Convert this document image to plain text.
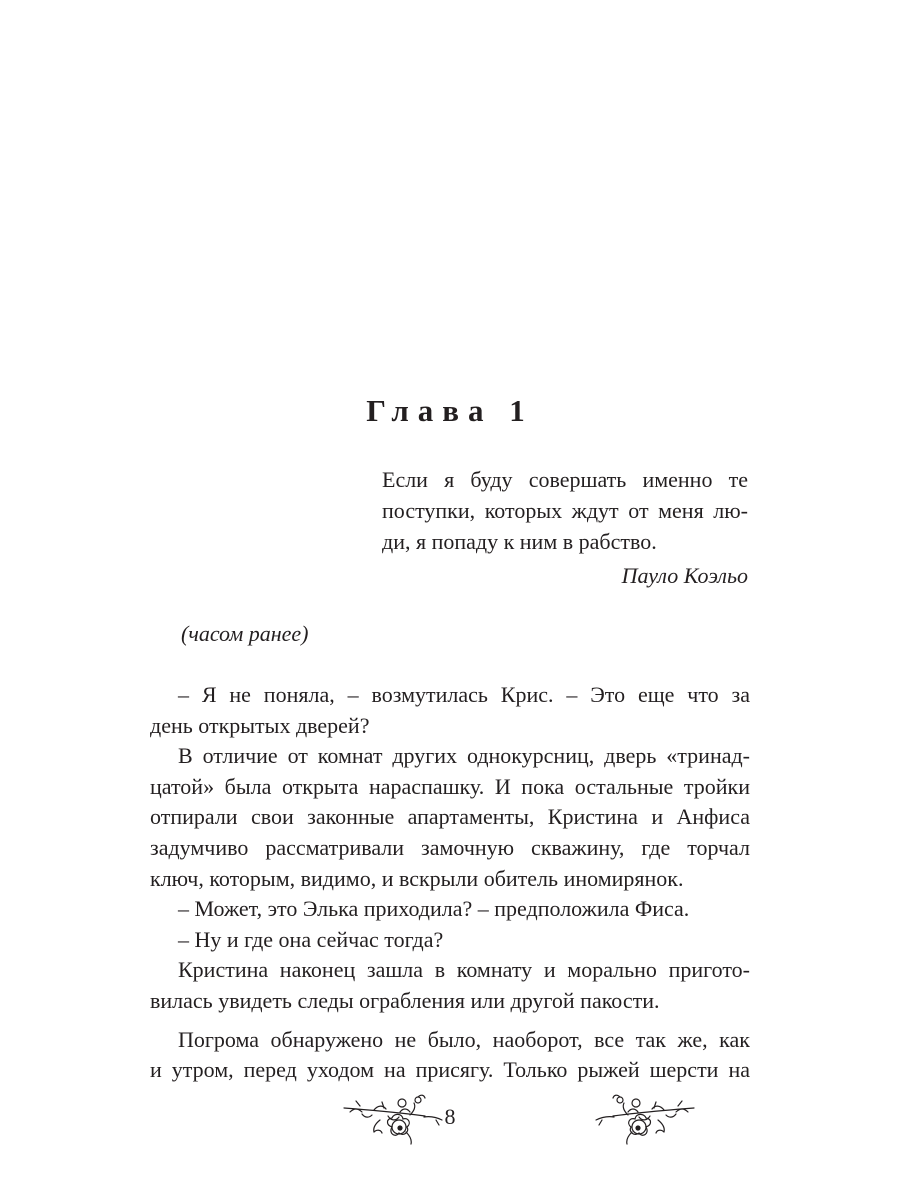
Глава 1
Если я буду совершать именно те
поступки, которых ждут от меня лю-
ди, я попаду к ним в рабство.
Пауло Коэльо
(часом ранее)
– Я не поняла, – возмутилась Крис. – Это еще что за
день открытых дверей?
В отличие от комнат других однокурсниц, дверь «тринад-
цатой» была открыта нараспашку. И пока остальные тройки
отпирали свои законные апартаменты, Кристина и Анфиса
задумчиво рассматривали замочную скважину, где торчал
ключ, которым, видимо, и вскрыли обитель иномирянок.
– Может, это Элька приходила? – предположила Фиса.
– Ну и где она сейчас тогда?
Кристина наконец зашла в комнату и морально пригото-
вилась увидеть следы ограбления или другой пакости.
Погрома обнаружено не было, наоборот, все так же, как
и утром, перед уходом на присягу. Только рыжей шерсти на
8
